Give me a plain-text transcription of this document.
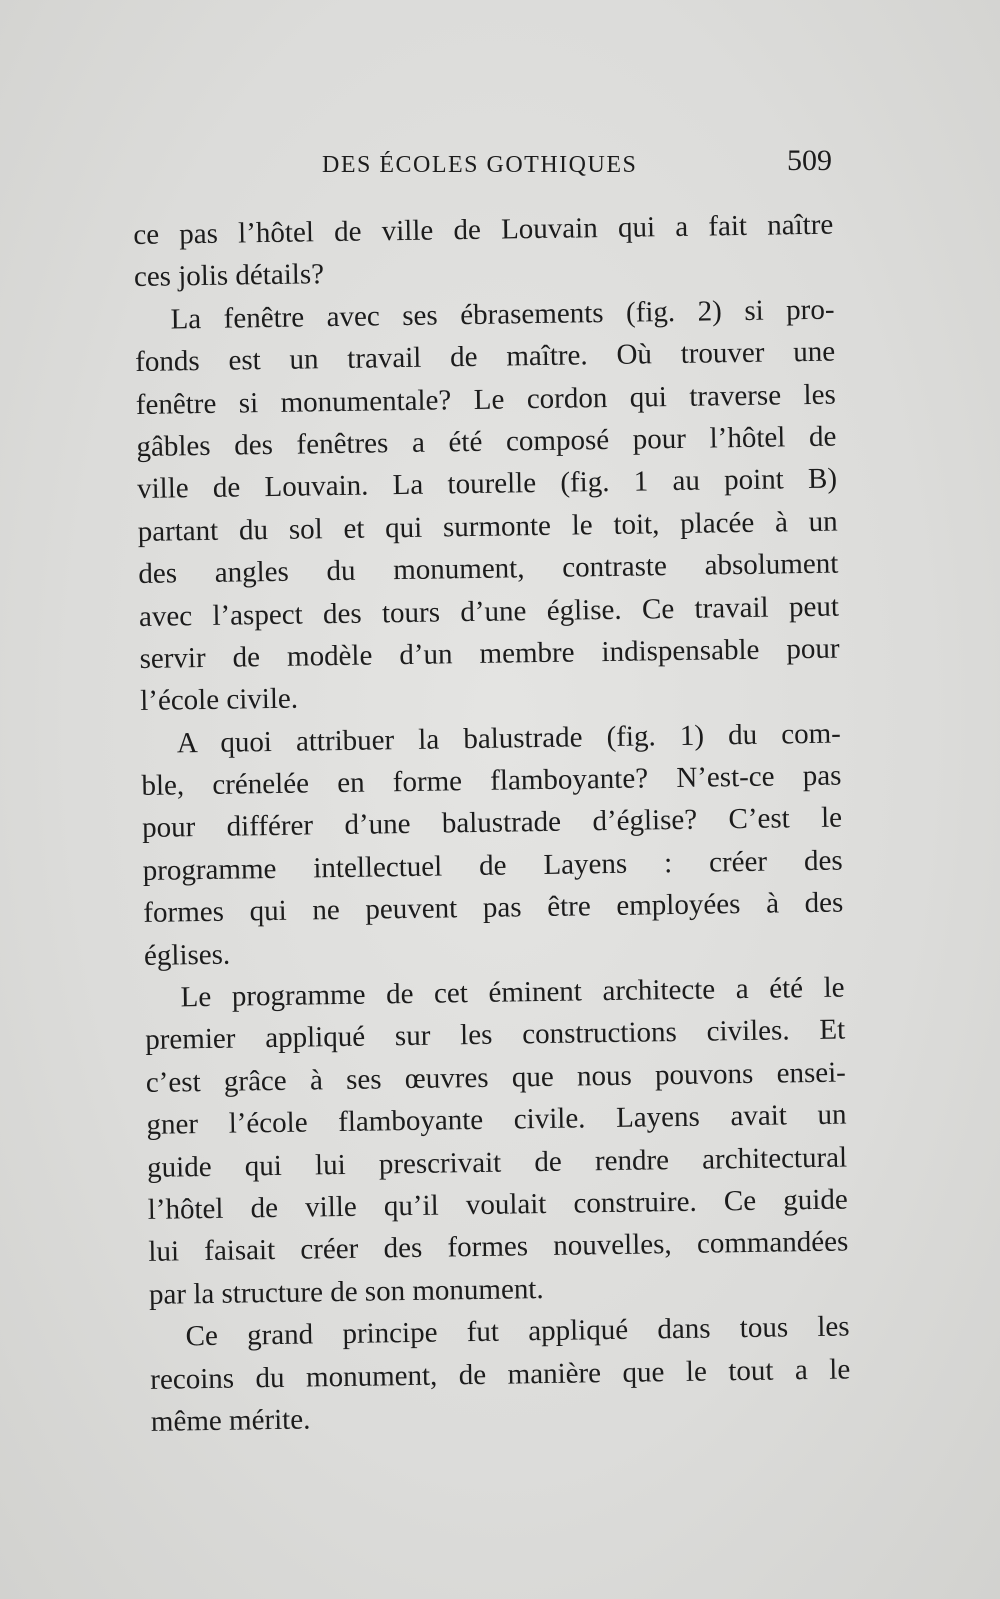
DES ÉCOLES GOTHIQUES	509
ce pas l’hôtel de ville de Louvain qui a fait naître
ces jolis détails?
La fenêtre avec ses ébrasements (fig. 2) si pro-
fonds est un travail de maître. Où trouver une
fenêtre si monumentale? Le cordon qui traverse les
gâbles des fenêtres a été composé pour l’hôtel de
ville de Louvain. La tourelle (fig. 1 au point B)
partant du sol et qui surmonte le toit, placée à un
des angles du monument, contraste absolument
avec l’aspect des tours d’une église. Ce travail peut
servir de modèle d’un membre indispensable pour
l’école civile.
A quoi attribuer la balustrade (fig. 1) du com-
ble, crénelée en forme flamboyante? N’est-ce pas
pour différer d’une balustrade d’église? C’est le
programme intellectuel de Layens : créer des
formes qui ne peuvent pas être employées à des
églises.
Le programme de cet éminent architecte a été le
premier appliqué sur les constructions civiles. Et
c’est grâce à ses œuvres que nous pouvons ensei-
gner l’école flamboyante civile. Layens avait un
guide qui lui prescrivait de rendre architectural
l’hôtel de ville qu’il voulait construire. Ce guide
lui faisait créer des formes nouvelles, commandées
par la structure de son monument.
Ce grand principe fut appliqué dans tous les
recoins du monument, de manière que le tout a le
même mérite.
